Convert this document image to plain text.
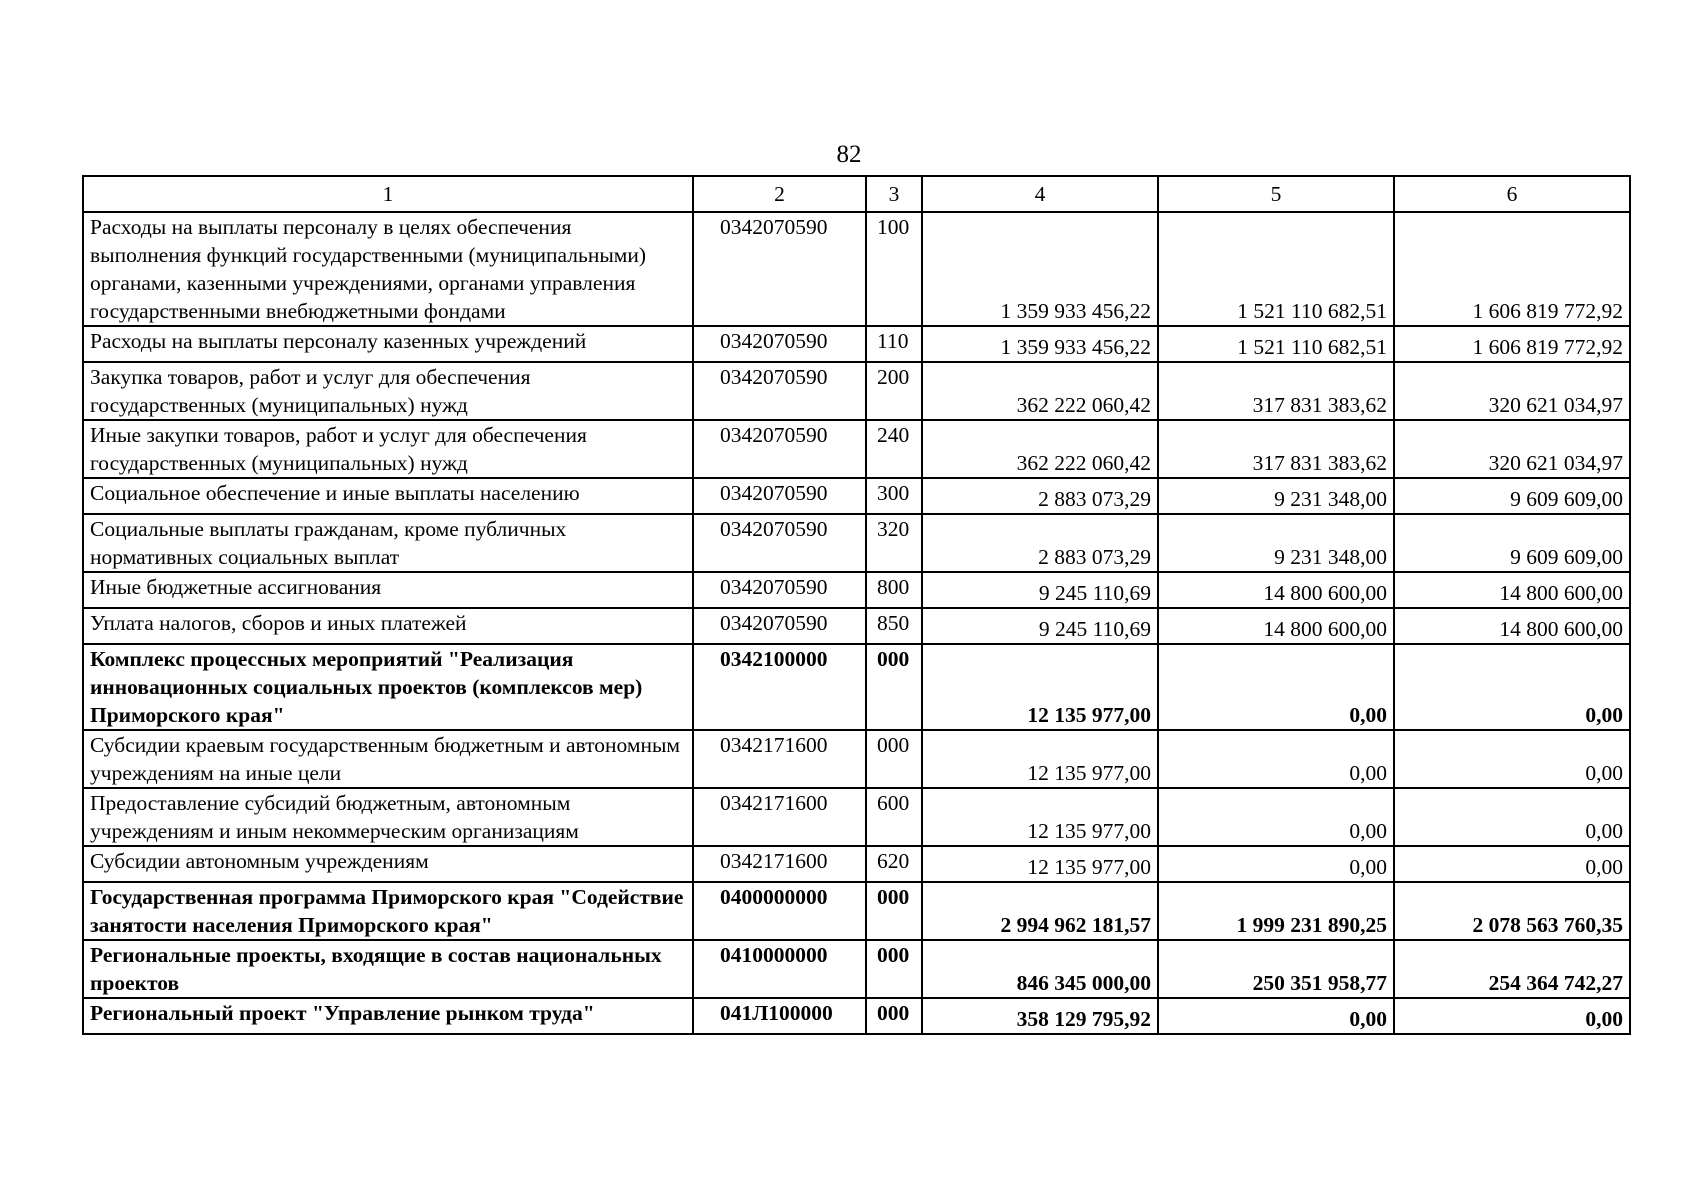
82
1	2	3	4	5	6
Расходы на выплаты персоналу в целях обеспечения выполнения функций государственными (муниципальными) органами, казенными учреждениями, органами управления государственными внебюджетными фондами	0342070590	100	1 359 933 456,22	1 521 110 682,51	1 606 819 772,92
Расходы на выплаты персоналу казенных учреждений	0342070590	110	1 359 933 456,22	1 521 110 682,51	1 606 819 772,92
Закупка товаров, работ и услуг для обеспечения государственных (муниципальных) нужд	0342070590	200	362 222 060,42	317 831 383,62	320 621 034,97
Иные закупки товаров, работ и услуг для обеспечения государственных (муниципальных) нужд	0342070590	240	362 222 060,42	317 831 383,62	320 621 034,97
Социальное обеспечение и иные выплаты населению	0342070590	300	2 883 073,29	9 231 348,00	9 609 609,00
Социальные выплаты гражданам, кроме публичных нормативных социальных выплат	0342070590	320	2 883 073,29	9 231 348,00	9 609 609,00
Иные бюджетные ассигнования	0342070590	800	9 245 110,69	14 800 600,00	14 800 600,00
Уплата налогов, сборов и иных платежей	0342070590	850	9 245 110,69	14 800 600,00	14 800 600,00
Комплекс процессных мероприятий "Реализация инновационных социальных проектов (комплексов мер) Приморского края"	0342100000	000	12 135 977,00	0,00	0,00
Субсидии краевым государственным бюджетным и автономным учреждениям на иные цели	0342171600	000	12 135 977,00	0,00	0,00
Предоставление субсидий бюджетным, автономным учреждениям и иным некоммерческим организациям	0342171600	600	12 135 977,00	0,00	0,00
Субсидии автономным учреждениям	0342171600	620	12 135 977,00	0,00	0,00
Государственная программа Приморского края "Содействие занятости населения Приморского края"	0400000000	000	2 994 962 181,57	1 999 231 890,25	2 078 563 760,35
Региональные проекты, входящие в состав национальных проектов	0410000000	000	846 345 000,00	250 351 958,77	254 364 742,27
Региональный проект "Управление рынком труда"	041Л100000	000	358 129 795,92	0,00	0,00
